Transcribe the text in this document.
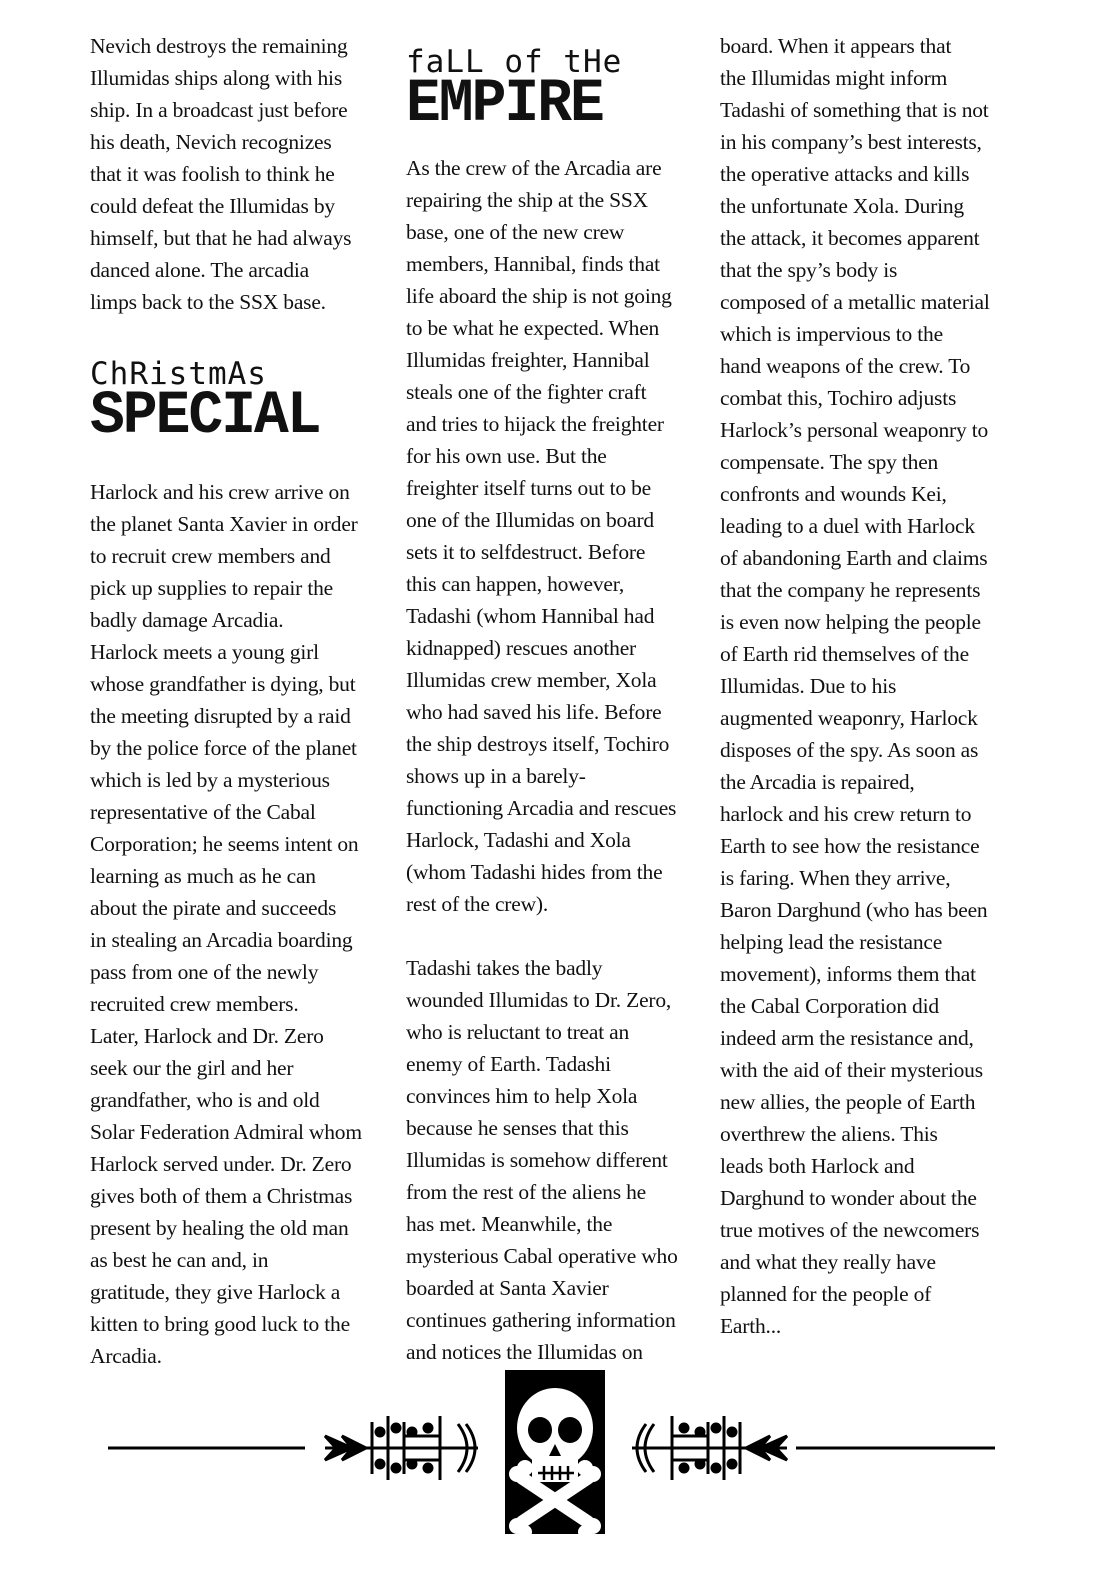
Nevich destroys the remaining
Illumidas ships along with his
ship. In a broadcast just before
his death, Nevich recognizes
that it was foolish to think he
could defeat the Illumidas by
himself, but that he had always
danced alone. The arcadia
limps back to the SSX base.

ChRistmAs
SPECIAL

Harlock and his crew arrive on
the planet Santa Xavier in order
to recruit crew members and
pick up supplies to repair the
badly damage Arcadia.
Harlock meets a young girl
whose grandfather is dying, but
the meeting disrupted by a raid
by the police force of the planet
which is led by a mysterious
representative of the Cabal
Corporation; he seems intent on
learning as much as he can
about the pirate and succeeds
in stealing an Arcadia boarding
pass from one of the newly
recruited crew members.
Later, Harlock and Dr. Zero
seek our the girl and her
grandfather, who is and old
Solar Federation Admiral whom
Harlock served under. Dr. Zero
gives both of them a Christmas
present by healing the old man
as best he can and, in
gratitude, they give Harlock a
kitten to bring good luck to the
Arcadia.

faLL of tHe
EMPIRE

As the crew of the Arcadia are
repairing the ship at the SSX
base, one of the new crew
members, Hannibal, finds that
life aboard the ship is not going
to be what he expected. When
Illumidas freighter, Hannibal
steals one of the fighter craft
and tries to hijack the freighter
for his own use. But the
freighter itself turns out to be
one of the Illumidas on board
sets it to selfdestruct. Before
this can happen, however,
Tadashi (whom Hannibal had
kidnapped) rescues another
Illumidas crew member, Xola
who had saved his life. Before
the ship destroys itself, Tochiro
shows up in a barely-
functioning Arcadia and rescues
Harlock, Tadashi and Xola
(whom Tadashi hides from the
rest of the crew).

Tadashi takes the badly
wounded Illumidas to Dr. Zero,
who is reluctant to treat an
enemy of Earth. Tadashi
convinces him to help Xola
because he senses that this
Illumidas is somehow different
from the rest of the aliens he
has met. Meanwhile, the
mysterious Cabal operative who
boarded at Santa Xavier
continues gathering information
and notices the Illumidas on

board. When it appears that
the Illumidas might inform
Tadashi of something that is not
in his company’s best interests,
the operative attacks and kills
the unfortunate Xola. During
the attack, it becomes apparent
that the spy’s body is
composed of a metallic material
which is impervious to the
hand weapons of the crew. To
combat this, Tochiro adjusts
Harlock’s personal weaponry to
compensate. The spy then
confronts and wounds Kei,
leading to a duel with Harlock
of abandoning Earth and claims
that the company he represents
is even now helping the people
of Earth rid themselves of the
Illumidas. Due to his
augmented weaponry, Harlock
disposes of the spy. As soon as
the Arcadia is repaired,
harlock and his crew return to
Earth to see how the resistance
is faring. When they arrive,
Baron Darghund (who has been
helping lead the resistance
movement), informs them that
the Cabal Corporation did
indeed arm the resistance and,
with the aid of their mysterious
new allies, the people of Earth
overthrew the aliens. This
leads both Harlock and
Darghund to wonder about the
true motives of the newcomers
and what they really have
planned for the people of
Earth...
